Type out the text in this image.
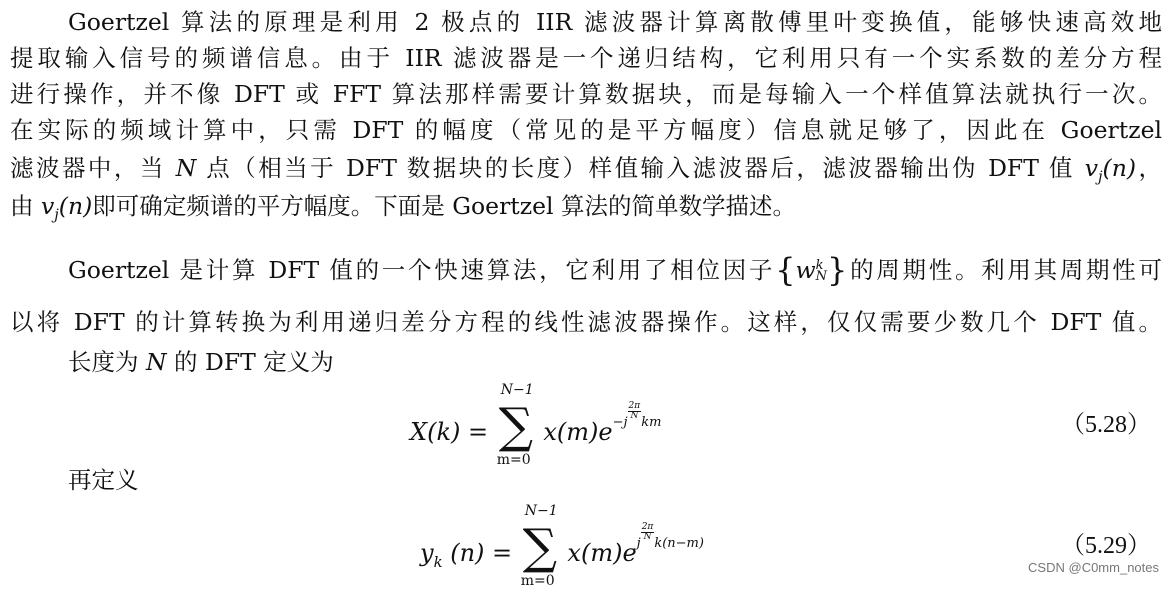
Goertzel 算法的原理是利用 2 极点的 IIR 滤波器计算离散傅里叶变换值，能够快速高效地
提取输入信号的频谱信息。由于 IIR 滤波器是一个递归结构，它利用只有一个实系数的差分方程
进行操作，并不像 DFT 或 FFT 算法那样需要计算数据块，而是每输入一个样值算法就执行一次。
在实际的频域计算中，只需 DFT 的幅度（常见的是平方幅度）信息就足够了，因此在 Goertzel
滤波器中，当 N 点（相当于 DFT 数据块的长度）样值输入滤波器后，滤波器输出伪 DFT 值 $v_j(n)$，
由 $v_j(n)$即可确定频谱的平方幅度。下面是 Goertzel 算法的简单数学描述。
Goertzel 是计算 DFT 值的一个快速算法，它利用了相位因子{w k
N }的周期性。利用其周期性可
以将 DFT 的计算转换为利用递归差分方程的线性滤波器操作。这样，仅仅需要少数几个 DFT 值。
长度为 N 的 DFT 定义为
X(k) =
N−1
∑
m=0
$x(m)e^{-j \frac{2\pi}{N} km}$	（5.28）
再定义
$y_k$ (n) =
N−1
∑
m=0
$x(m)e^{j \frac{2\pi}{N} k(n-m)}$	（5.29）
CSDN @C0mm_notes
